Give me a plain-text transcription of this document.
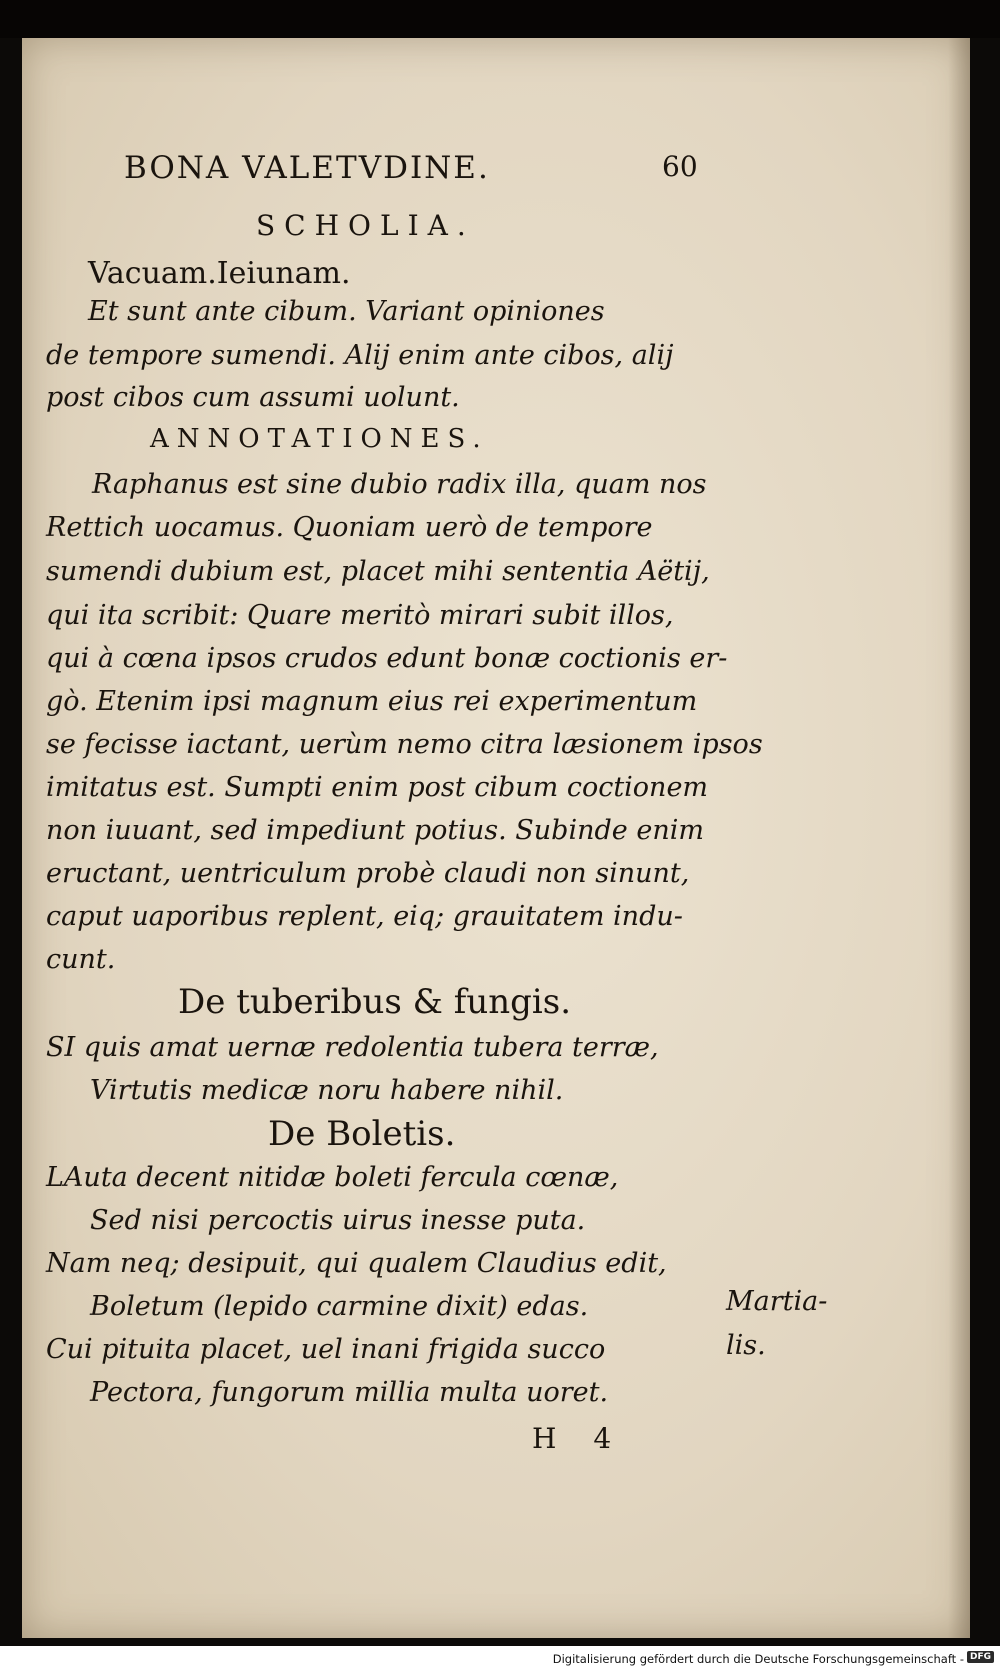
BONA VALETVDINE.	60
SCHOLIA.
Vacuam.Ieiunam.
Et sunt ante cibum. Variant opiniones
de tempore sumendi. Alij enim ante cibos, alij
post cibos cum assumi uolunt.
ANNOTATIONES.
Raphanus est sine dubio radix illa, quam nos
Rettich uocamus. Quoniam uerò de tempore
sumendi dubium est, placet mihi sententia Aëtij,
qui ita scribit: Quare meritò mirari subit illos,
qui à cœna ipsos crudos edunt bonæ coctionis er-
gò. Etenim ipsi magnum eius rei experimentum
se fecisse iactant, uerùm nemo citra læsionem ipsos
imitatus est. Sumpti enim post cibum coctionem
non iuuant, sed impediunt potius. Subinde enim
eructant, uentriculum probè claudi non sinunt,
caput uaporibus replent, eiq; grauitatem indu-
cunt.
De tuberibus & fungis.
SI quis amat uernæ redolentia tubera terræ,
Virtutis medicæ noru habere nihil.
De Boletis.
LAuta decent nitidæ boleti fercula cœnæ,
Sed nisi percoctis uirus inesse puta.
Nam neq; desipuit, qui qualem Claudius edit,
Boletum (lepido carmine dixit) edas.
Cui pituita placet, uel inani frigida succo
Pectora, fungorum millia multa uoret.
Martia-
lis.
H 4
Digitalisierung gefördert durch die Deutsche Forschungsgemeinschaft - DFG
